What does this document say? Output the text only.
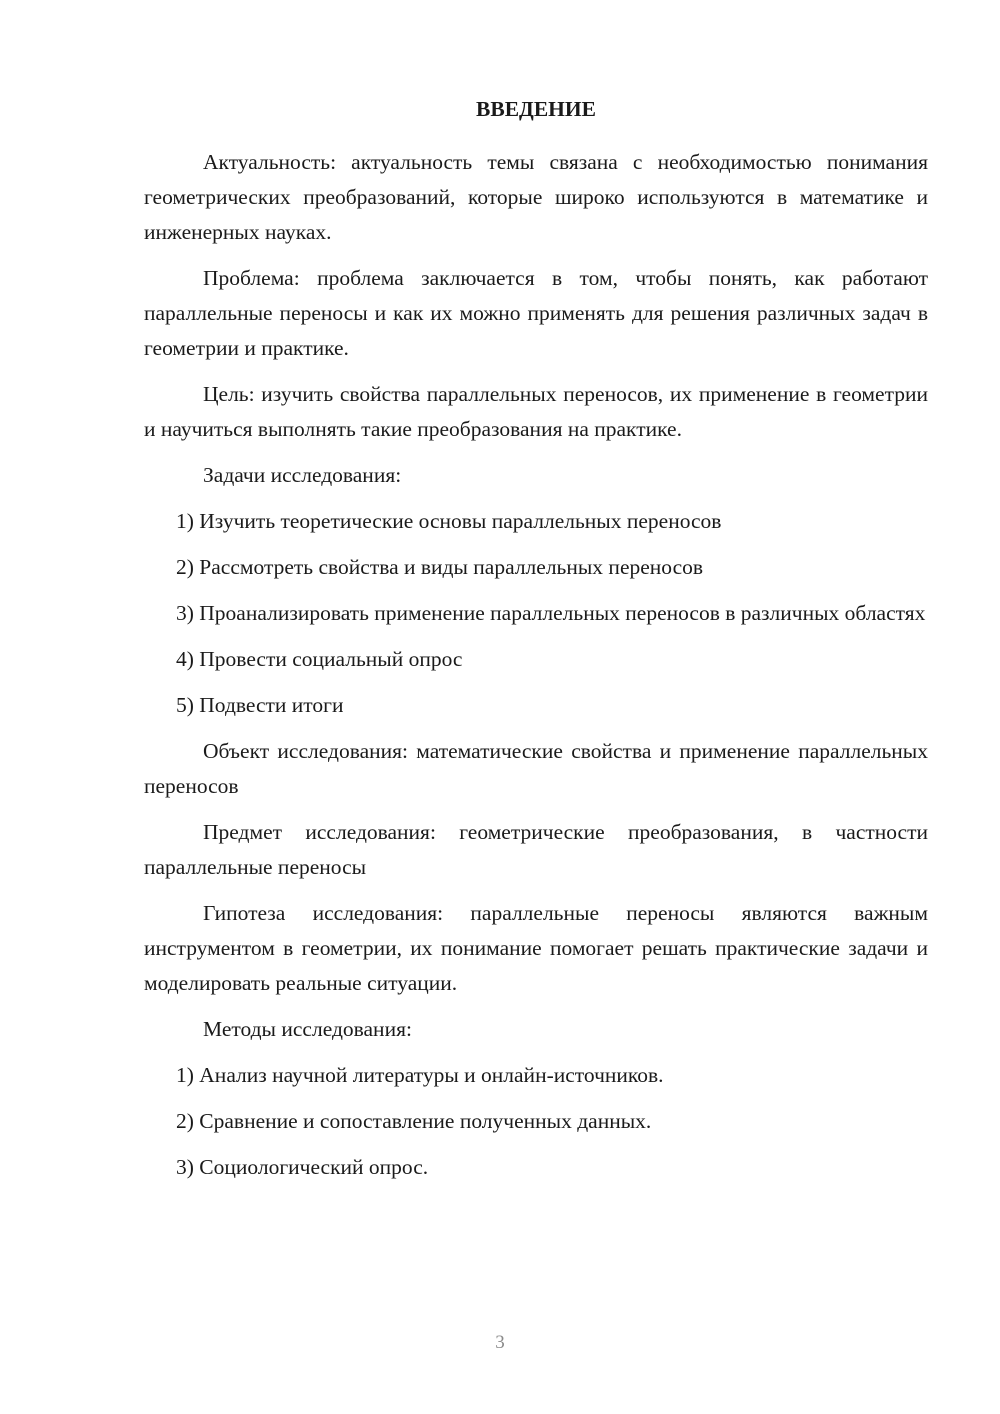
ВВЕДЕНИЕ

Актуальность: актуальность темы связана с необходимостью понимания геометрических преобразований, которые широко используются в математике и инженерных науках.

Проблема: проблема заключается в том, чтобы понять, как работают параллельные переносы и как их можно применять для решения различных задач в геометрии и практике.

Цель: изучить свойства параллельных переносов, их применение в геометрии и научиться выполнять такие преобразования на практике.

Задачи исследования:

1) Изучить теоретические основы параллельных переносов

2) Рассмотреть свойства и виды параллельных переносов

3) Проанализировать применение параллельных переносов в различных областях

4) Провести социальный опрос

5) Подвести итоги

Объект исследования: математические свойства и применение параллельных переносов

Предмет исследования: геометрические преобразования, в частности параллельные переносы

Гипотеза исследования: параллельные переносы являются важным инструментом в геометрии, их понимание помогает решать практические задачи и моделировать реальные ситуации.

Методы исследования:

1) Анализ научной литературы и онлайн-источников.

2) Сравнение и сопоставление полученных данных.

3) Социологический опрос.

3
